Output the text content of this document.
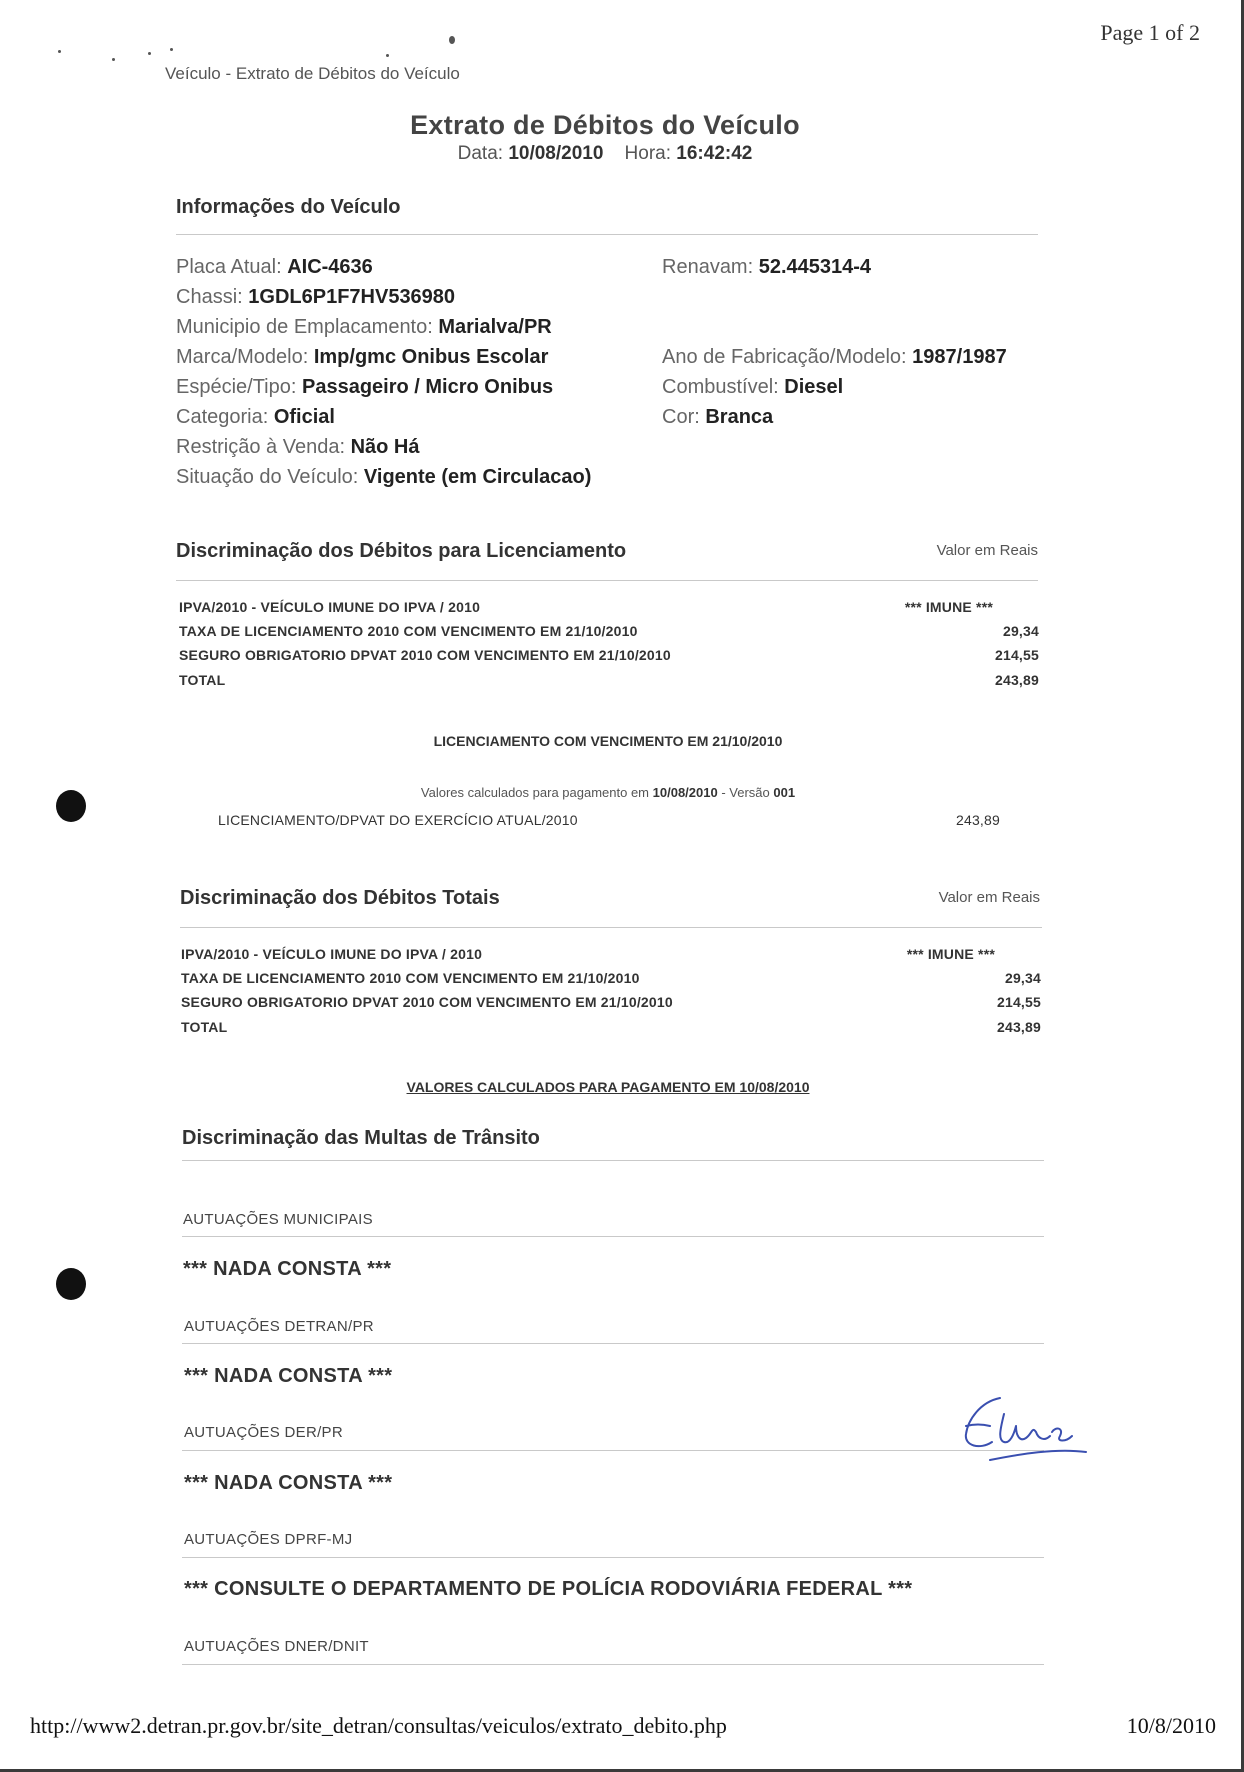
Page 1 of 2
Veículo - Extrato de Débitos do Veículo
Extrato de Débitos do Veículo
Data: 10/08/2010 Hora: 16:42:42
Informações do Veículo
Placa Atual: AIC-4636
Chassi: 1GDL6P1F7HV536980
Municipio de Emplacamento: Marialva/PR
Marca/Modelo: Imp/gmc Onibus Escolar
Espécie/Tipo: Passageiro / Micro Onibus
Categoria: Oficial
Restrição à Venda: Não Há
Situação do Veículo: Vigente (em Circulacao)
Renavam: 52.445314-4
Ano de Fabricação/Modelo: 1987/1987
Combustível: Diesel
Cor: Branca
Discriminação dos Débitos para Licenciamento	Valor em Reais
IPVA/2010 - VEÍCULO IMUNE DO IPVA / 2010	*** IMUNE ***
TAXA DE LICENCIAMENTO 2010 COM VENCIMENTO EM 21/10/2010	29,34
SEGURO OBRIGATORIO DPVAT 2010 COM VENCIMENTO EM 21/10/2010	214,55
TOTAL	243,89
LICENCIAMENTO COM VENCIMENTO EM 21/10/2010
Valores calculados para pagamento em 10/08/2010 - Versão 001
LICENCIAMENTO/DPVAT DO EXERCÍCIO ATUAL/2010	243,89
Discriminação dos Débitos Totais	Valor em Reais
IPVA/2010 - VEÍCULO IMUNE DO IPVA / 2010	*** IMUNE ***
TAXA DE LICENCIAMENTO 2010 COM VENCIMENTO EM 21/10/2010	29,34
SEGURO OBRIGATORIO DPVAT 2010 COM VENCIMENTO EM 21/10/2010	214,55
TOTAL	243,89
VALORES CALCULADOS PARA PAGAMENTO EM 10/08/2010
Discriminação das Multas de Trânsito
AUTUAÇÕES MUNICIPAIS
*** NADA CONSTA ***
AUTUAÇÕES DETRAN/PR
*** NADA CONSTA ***
AUTUAÇÕES DER/PR
*** NADA CONSTA ***
AUTUAÇÕES DPRF-MJ
*** CONSULTE O DEPARTAMENTO DE POLÍCIA RODOVIÁRIA FEDERAL ***
AUTUAÇÕES DNER/DNIT
http://www2.detran.pr.gov.br/site_detran/consultas/veiculos/extrato_debito.php	10/8/2010
